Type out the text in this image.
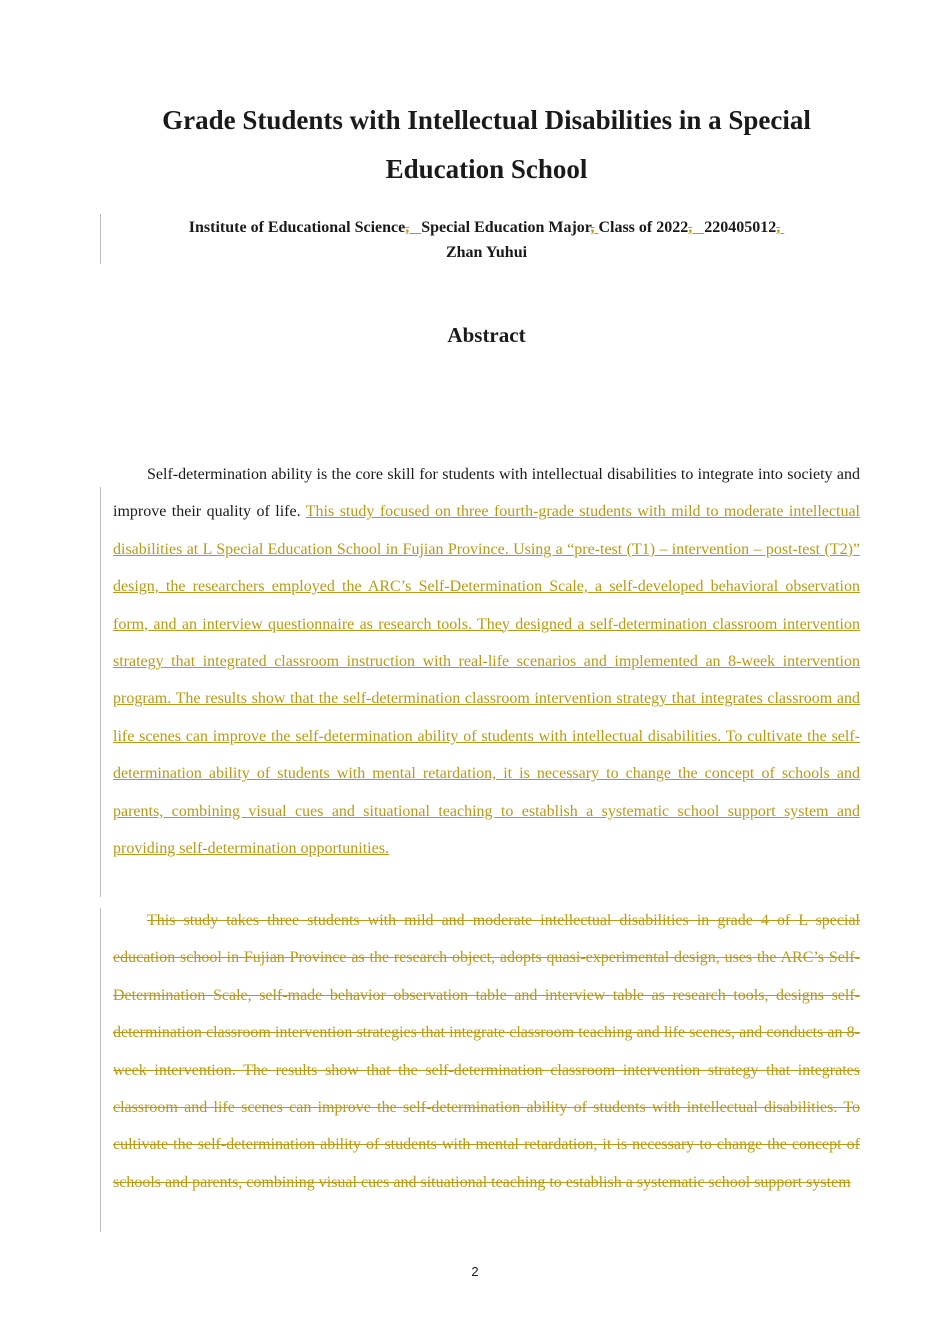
Grade Students with Intellectual Disabilities in a Special Education School
Institute of Educational Science, Special Education Major, Class of 2022, 220405012,
Zhan Yuhui
Abstract

Self-determination ability is the core skill for students with intellectual disabilities to integrate into society and improve their quality of life. This study focused on three fourth-grade students with mild to moderate intellectual disabilities at L Special Education School in Fujian Province. Using a “pre-test (T1) – intervention – post-test (T2)” design, the researchers employed the ARC’s Self-Determination Scale, a self-developed behavioral observation form, and an interview questionnaire as research tools. They designed a self-determination classroom intervention strategy that integrated classroom instruction with real-life scenarios and implemented an 8-week intervention program. The results show that the self-determination classroom intervention strategy that integrates classroom and life scenes can improve the self-determination ability of students with intellectual disabilities. To cultivate the self-determination ability of students with mental retardation, it is necessary to change the concept of schools and parents, combining visual cues and situational teaching to establish a systematic school support system and providing self-determination opportunities.

This study takes three students with mild and moderate intellectual disabilities in grade 4 of L special education school in Fujian Province as the research object, adopts quasi-experimental design, uses the ARC’s Self-Determination Scale, self-made behavior observation table and interview table as research tools, designs self-determination classroom intervention strategies that integrate classroom teaching and life scenes, and conducts an 8-week intervention. The results show that the self-determination classroom intervention strategy that integrates classroom and life scenes can improve the self-determination ability of students with intellectual disabilities. To cultivate the self-determination ability of students with mental retardation, it is necessary to change the concept of schools and parents, combining visual cues and situational teaching to establish a systematic school support system

2
